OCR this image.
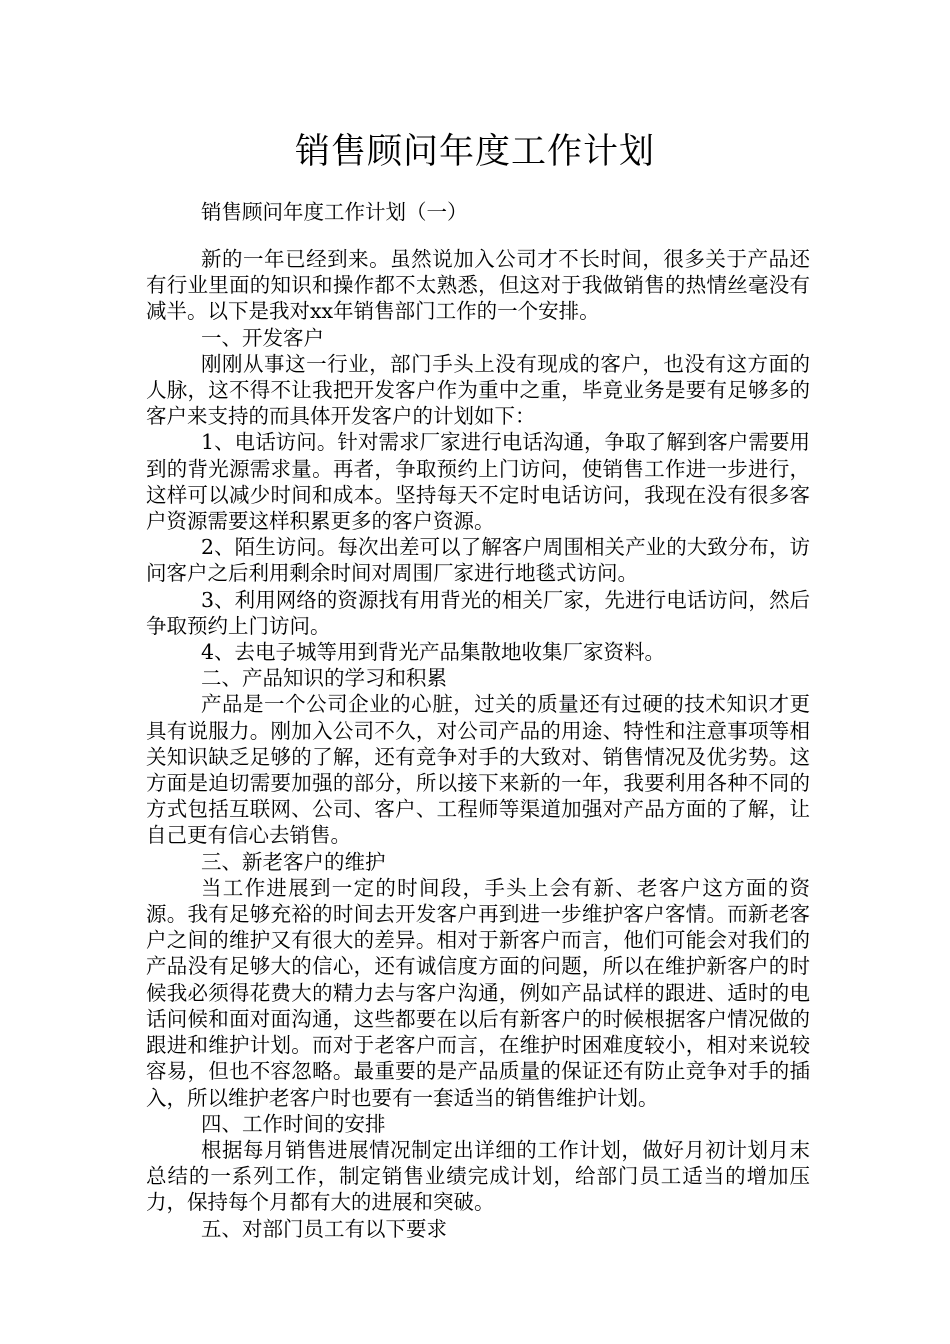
销售顾问年度工作计划

销售顾问年度工作计划（一）

新的一年已经到来。虽然说加入公司才不长时间，很多关于产品还有行业里面的知识和操作都不太熟悉，但这对于我做销售的热情丝毫没有减半。以下是我对xx年销售部门工作的一个安排。

一、开发客户

刚刚从事这一行业，部门手头上没有现成的客户，也没有这方面的人脉，这不得不让我把开发客户作为重中之重，毕竟业务是要有足够多的客户来支持的而具体开发客户的计划如下：

1、电话访问。针对需求厂家进行电话沟通，争取了解到客户需要用到的背光源需求量。再者，争取预约上门访问，使销售工作进一步进行，这样可以减少时间和成本。坚持每天不定时电话访问，我现在没有很多客户资源需要这样积累更多的客户资源。

2、陌生访问。每次出差可以了解客户周围相关产业的大致分布，访问客户之后利用剩余时间对周围厂家进行地毯式访问。

3、利用网络的资源找有用背光的相关厂家，先进行电话访问，然后争取预约上门访问。

4、去电子城等用到背光产品集散地收集厂家资料。

二、产品知识的学习和积累

产品是一个公司企业的心脏，过关的质量还有过硬的技术知识才更具有说服力。刚加入公司不久，对公司产品的用途、特性和注意事项等相关知识缺乏足够的了解，还有竞争对手的大致对、销售情况及优劣势。这方面是迫切需要加强的部分，所以接下来新的一年，我要利用各种不同的方式包括互联网、公司、客户、工程师等渠道加强对产品方面的了解，让自己更有信心去销售。

三、新老客户的维护

当工作进展到一定的时间段，手头上会有新、老客户这方面的资源。我有足够充裕的时间去开发客户再到进一步维护客户客情。而新老客户之间的维护又有很大的差异。相对于新客户而言，他们可能会对我们的产品没有足够大的信心，还有诚信度方面的问题，所以在维护新客户的时候我必须得花费大的精力去与客户沟通，例如产品试样的跟进、适时的电话问候和面对面沟通，这些都要在以后有新客户的时候根据客户情况做的跟进和维护计划。而对于老客户而言，在维护时困难度较小，相对来说较容易，但也不容忽略。最重要的是产品质量的保证还有防止竞争对手的插入，所以维护老客户时也要有一套适当的销售维护计划。

四、工作时间的安排

根据每月销售进展情况制定出详细的工作计划，做好月初计划月末总结的一系列工作，制定销售业绩完成计划，给部门员工适当的增加压力，保持每个月都有大的进展和突破。

五、对部门员工有以下要求
